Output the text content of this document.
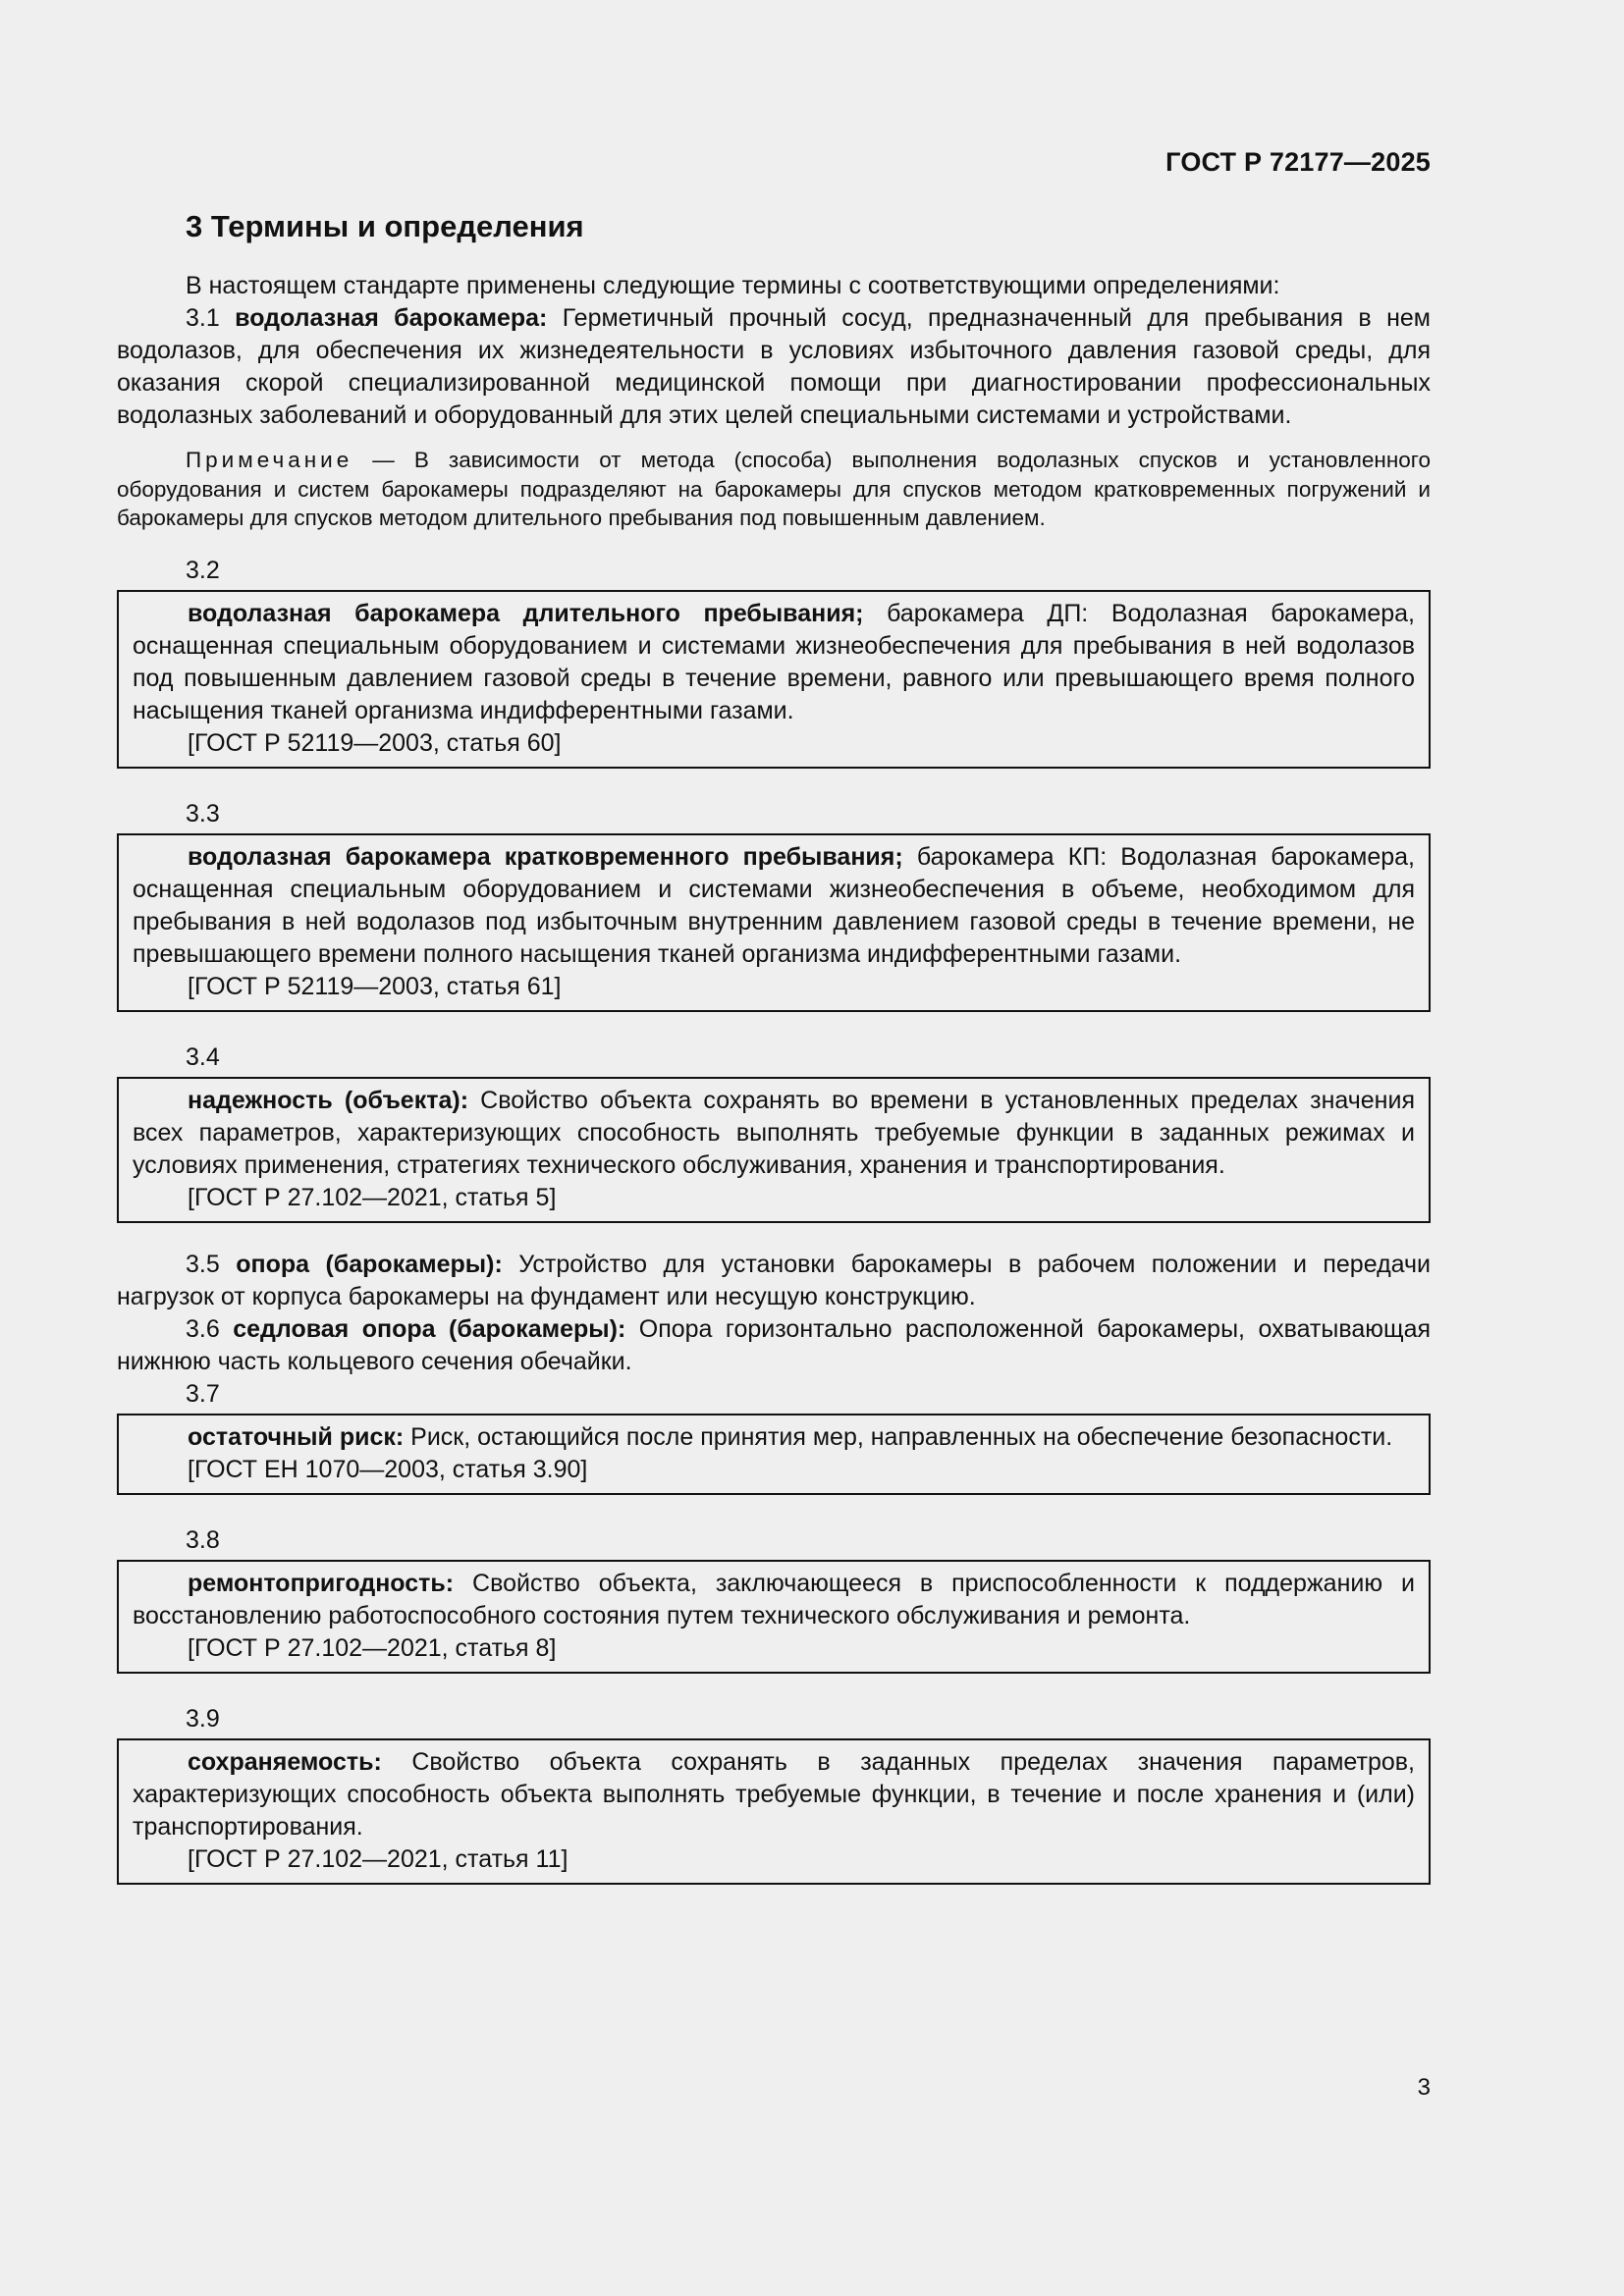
ГОСТ Р 72177—2025
3 Термины и определения

В настоящем стандарте применены следующие термины с соответствующими определениями:

3.1 водолазная барокамера: Герметичный прочный сосуд, предназначенный для пребывания в нем водолазов, для обеспечения их жизнедеятельности в условиях избыточного давления газовой среды, для оказания скорой специализированной медицинской помощи при диагностировании профессиональных водолазных заболеваний и оборудованный для этих целей специальными системами и устройствами.

Примечание — В зависимости от метода (способа) выполнения водолазных спусков и установленного оборудования и систем барокамеры подразделяют на барокамеры для спусков методом кратковременных погружений и барокамеры для спусков методом длительного пребывания под повышенным давлением.
3.2

водолазная барокамера длительного пребывания; барокамера ДП: Водолазная барокамера, оснащенная специальным оборудованием и системами жизнеобеспечения для пребывания в ней водолазов под повышенным давлением газовой среды в течение времени, равного или превышающего время полного насыщения тканей организма индифферентными газами.

[ГОСТ Р 52119—2003, статья 60]

3.3

водолазная барокамера кратковременного пребывания; барокамера КП: Водолазная барокамера, оснащенная специальным оборудованием и системами жизнеобеспечения в объеме, необходимом для пребывания в ней водолазов под избыточным внутренним давлением газовой среды в течение времени, не превышающего времени полного насыщения тканей организма индифферентными газами.

[ГОСТ Р 52119—2003, статья 61]

3.4

надежность (объекта): Свойство объекта сохранять во времени в установленных пределах значения всех параметров, характеризующих способность выполнять требуемые функции в заданных режимах и условиях применения, стратегиях технического обслуживания, хранения и транспортирования.

[ГОСТ Р 27.102—2021, статья 5]

3.5 опора (барокамеры): Устройство для установки барокамеры в рабочем положении и передачи нагрузок от корпуса барокамеры на фундамент или несущую конструкцию.

3.6 седловая опора (барокамеры): Опора горизонтально расположенной барокамеры, охватывающая нижнюю часть кольцевого сечения обечайки.

3.7

остаточный риск: Риск, остающийся после принятия мер, направленных на обеспечение безопасности.

[ГОСТ ЕН 1070—2003, статья 3.90]

3.8

ремонтопригодность: Свойство объекта, заключающееся в приспособленности к поддержанию и восстановлению работоспособного состояния путем технического обслуживания и ремонта.

[ГОСТ Р 27.102—2021, статья 8]

3.9

сохраняемость: Свойство объекта сохранять в заданных пределах значения параметров, характеризующих способность объекта выполнять требуемые функции, в течение и после хранения и (или) транспортирования.

[ГОСТ Р 27.102—2021, статья 11]

3
